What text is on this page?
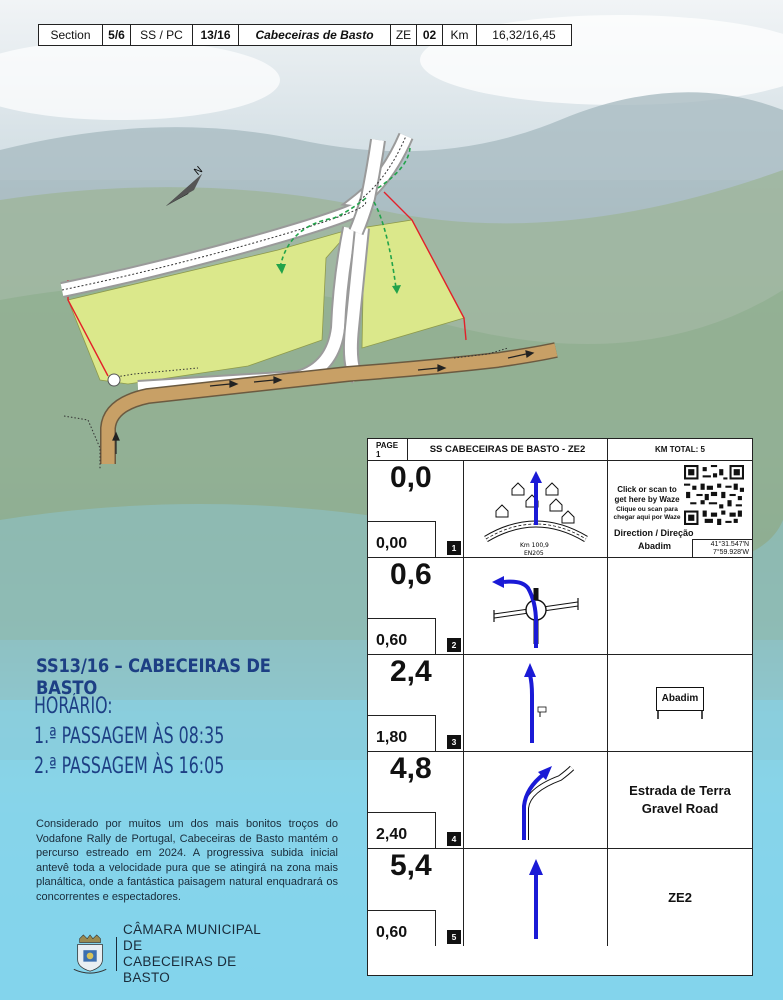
Section	5/6	SS / PC	13/16	Cabeceiras de Basto	ZE 02	Km	16,32/16,45
N
SS13/16 – CABECEIRAS DE BASTO
HORÁRIO:
1.ª PASSAGEM ÀS 08:35
2.ª PASSAGEM ÀS 16:05
Considerado por muitos um dos mais bonitos troços do Vodafone Rally de Portugal, Cabeceiras de Basto mantém o percurso estreado em 2024. A progressiva subida inicial antevê toda a velocidade pura que se atingirá na zona mais planáltica, onde a fantástica paisagem natural enquadrará os concorrentes e espectadores.
CÂMARA MUNICIPAL DE
CABECEIRAS DE BASTO
PAGE
1	SS CABECEIRAS DE BASTO - ZE2	KM TOTAL: 5
0,0
0,00	1	Km 100,9
EN205
Click or scan to get here by Waze
Clique ou scan para chegar aqui por Waze
Direction / Direção
Abadim	41°31.547'N
7°59.928'W
0,6
0,60	2
2,4
1,80	3
Abadim
4,8
2,40	4
Estrada de Terra
Gravel Road
5,4
0,60	5
ZE2
